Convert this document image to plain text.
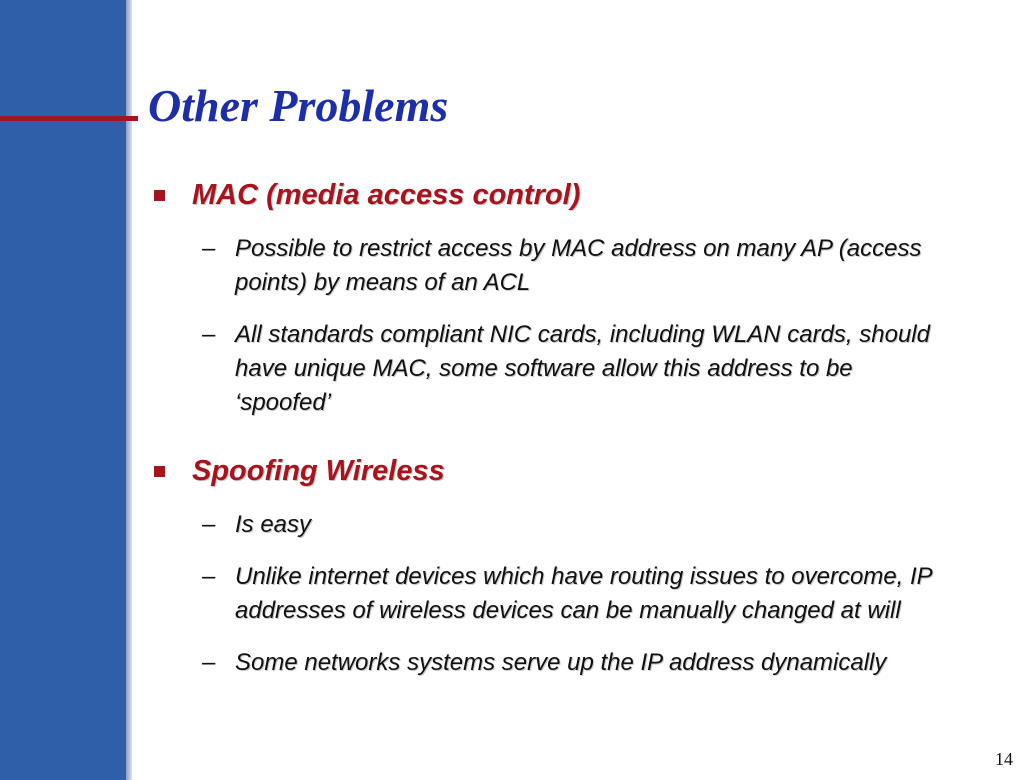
Other Problems
MAC (media access control)
– Possible to restrict access by MAC address on many AP (access points) by means of an ACL
– All standards compliant NIC cards, including WLAN cards, should have unique MAC, some software allow this address to be ‘spoofed’
Spoofing Wireless
– Is easy
– Unlike internet devices which have routing issues to overcome, IP addresses of wireless devices can be manually changed at will
– Some networks systems serve up the IP address dynamically
14
